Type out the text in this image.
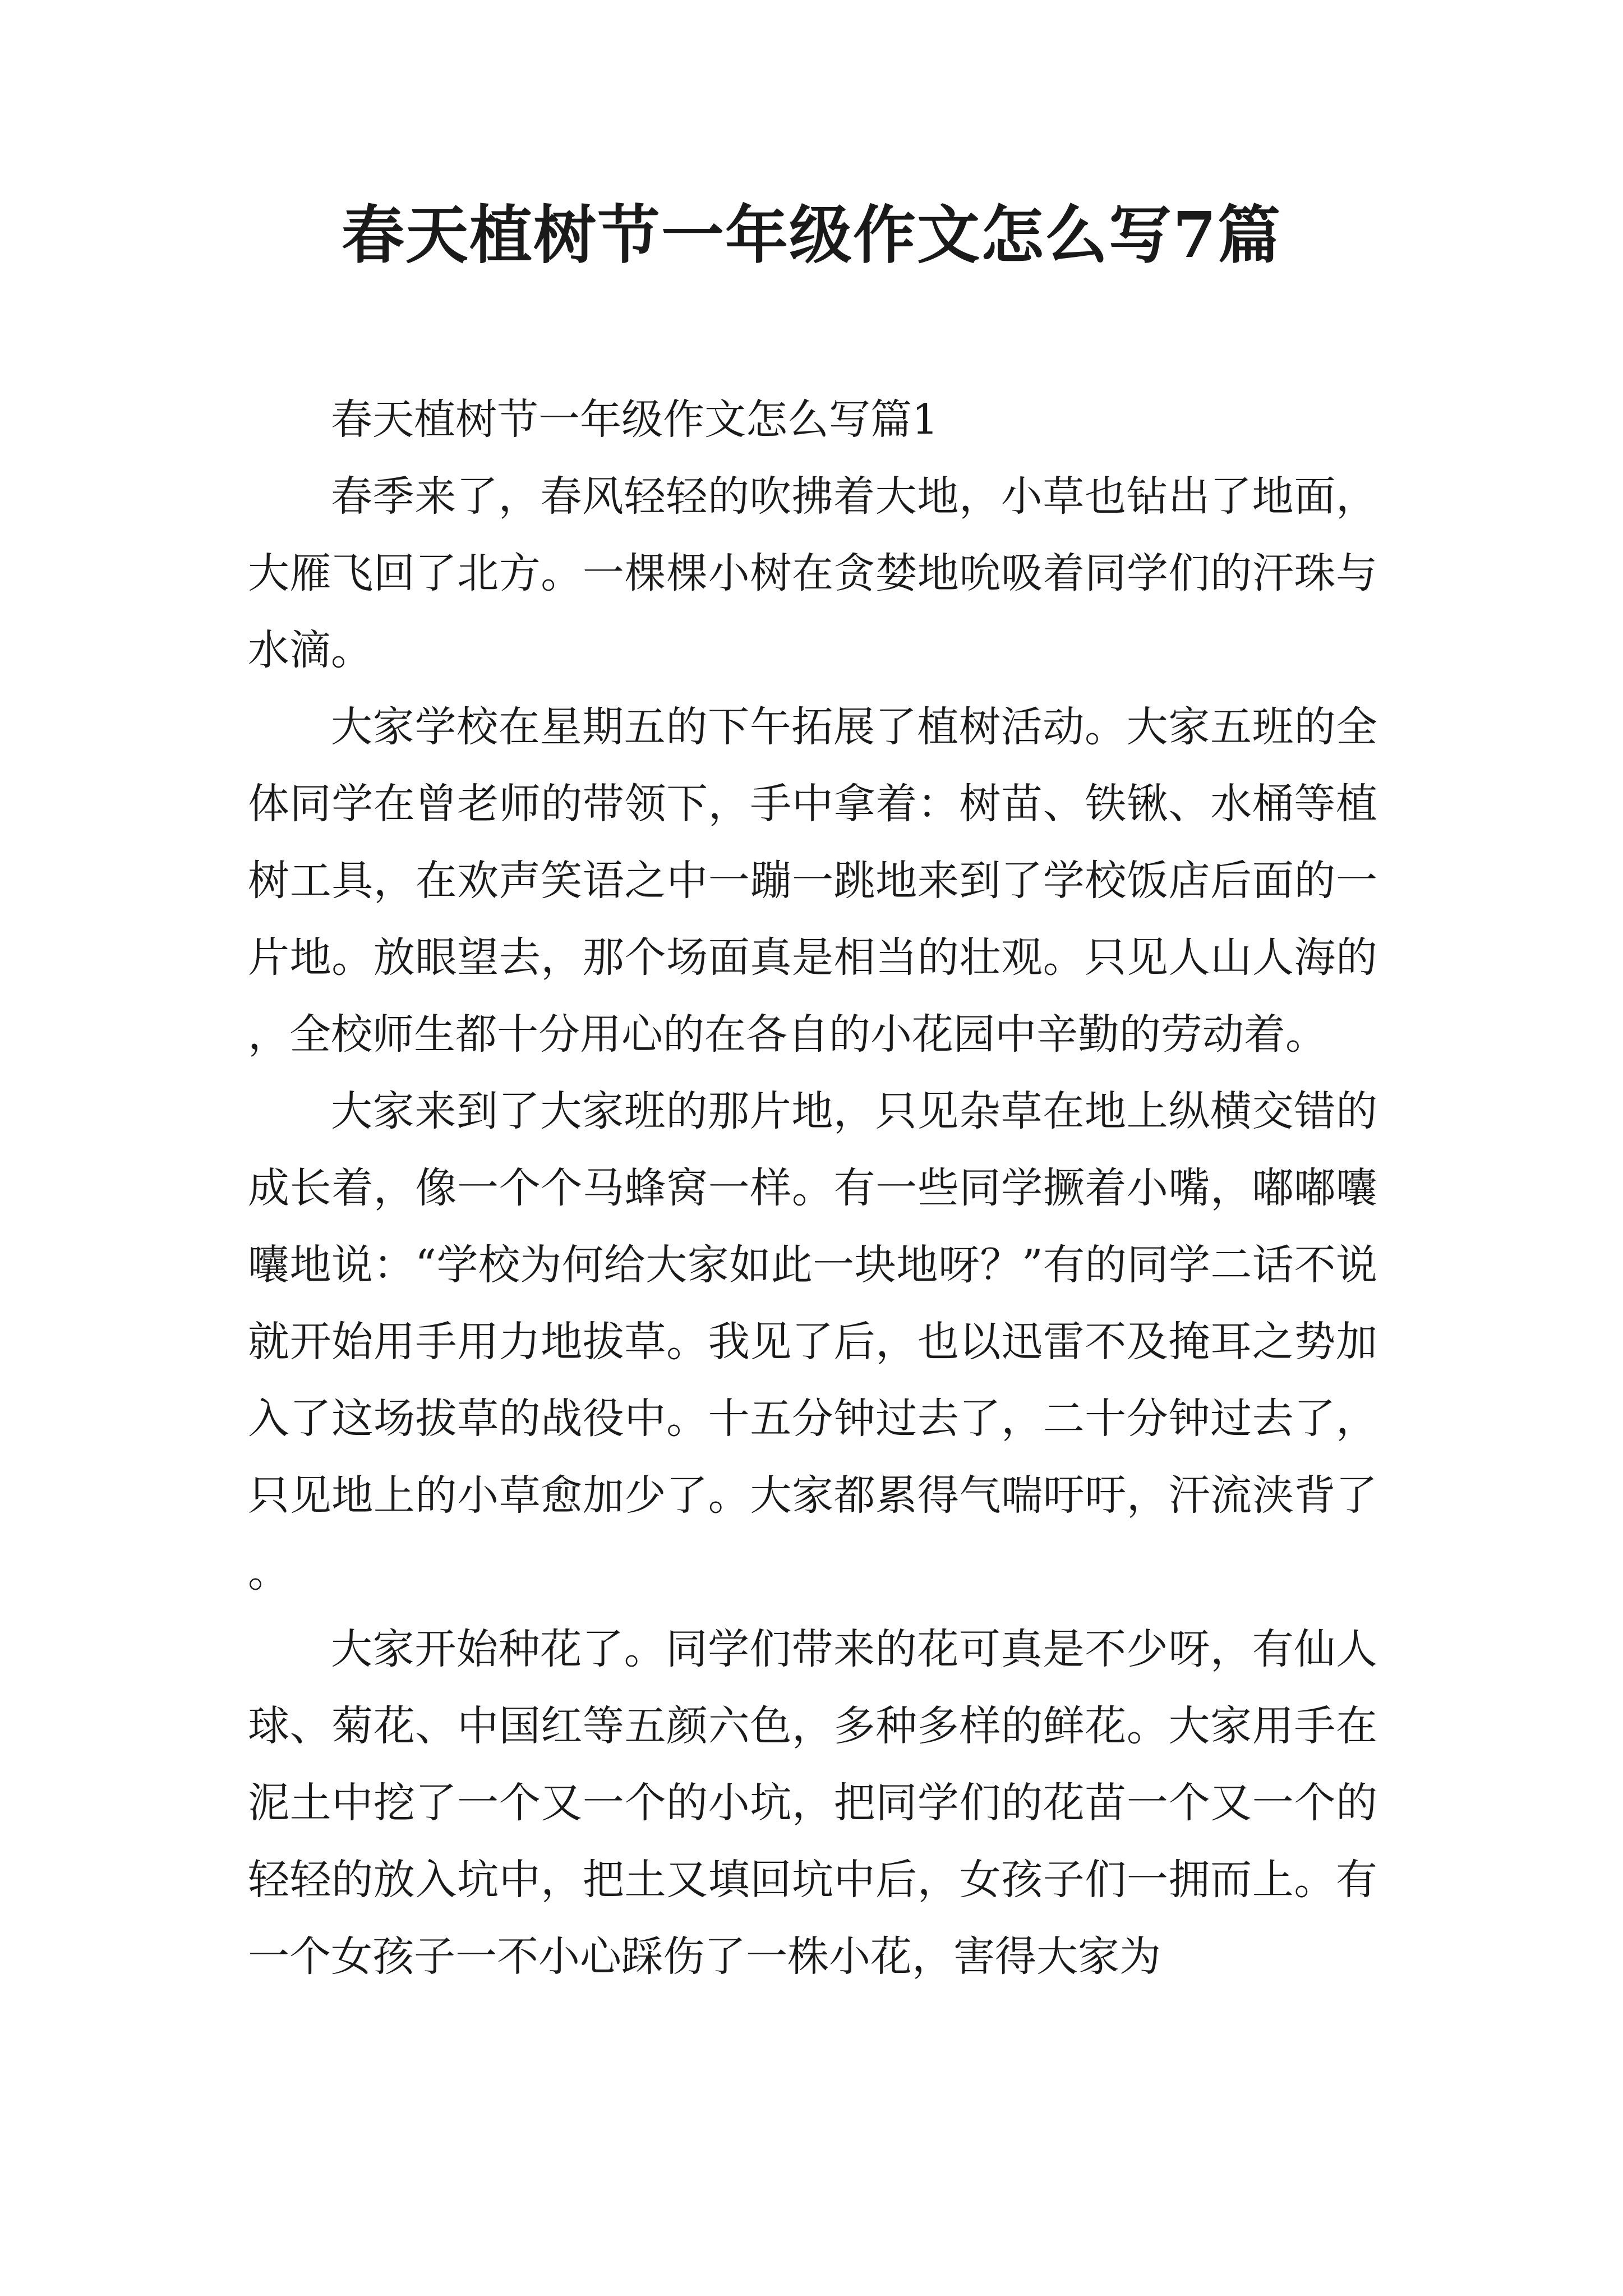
春天植树节一年级作文怎么写7篇

春天植树节一年级作文怎么写篇1

春季来了，春风轻轻的吹拂着大地，小草也钻出了地面，大雁飞回了北方。一棵棵小树在贪婪地吮吸着同学们的汗珠与水滴。

大家学校在星期五的下午拓展了植树活动。大家五班的全体同学在曾老师的带领下，手中拿着：树苗、铁锹、水桶等植树工具，在欢声笑语之中一蹦一跳地来到了学校饭店后面的一片地。放眼望去，那个场面真是相当的壮观。只见人山人海的，全校师生都十分用心的在各自的小花园中辛勤的劳动着。

大家来到了大家班的那片地，只见杂草在地上纵横交错的成长着，像一个个马蜂窝一样。有一些同学撅着小嘴，嘟嘟囔囔地说：“学校为何给大家如此一块地呀？”有的同学二话不说就开始用手用力地拔草。我见了后，也以迅雷不及掩耳之势加入了这场拔草的战役中。十五分钟过去了，二十分钟过去了，只见地上的小草愈加少了。大家都累得气喘吁吁，汗流浃背了。

大家开始种花了。同学们带来的花可真是不少呀，有仙人球、菊花、中国红等五颜六色，多种多样的鲜花。大家用手在泥土中挖了一个又一个的小坑，把同学们的花苗一个又一个的轻轻的放入坑中，把土又填回坑中后，女孩子们一拥而上。有一个女孩子一不小心踩伤了一株小花，害得大家为
